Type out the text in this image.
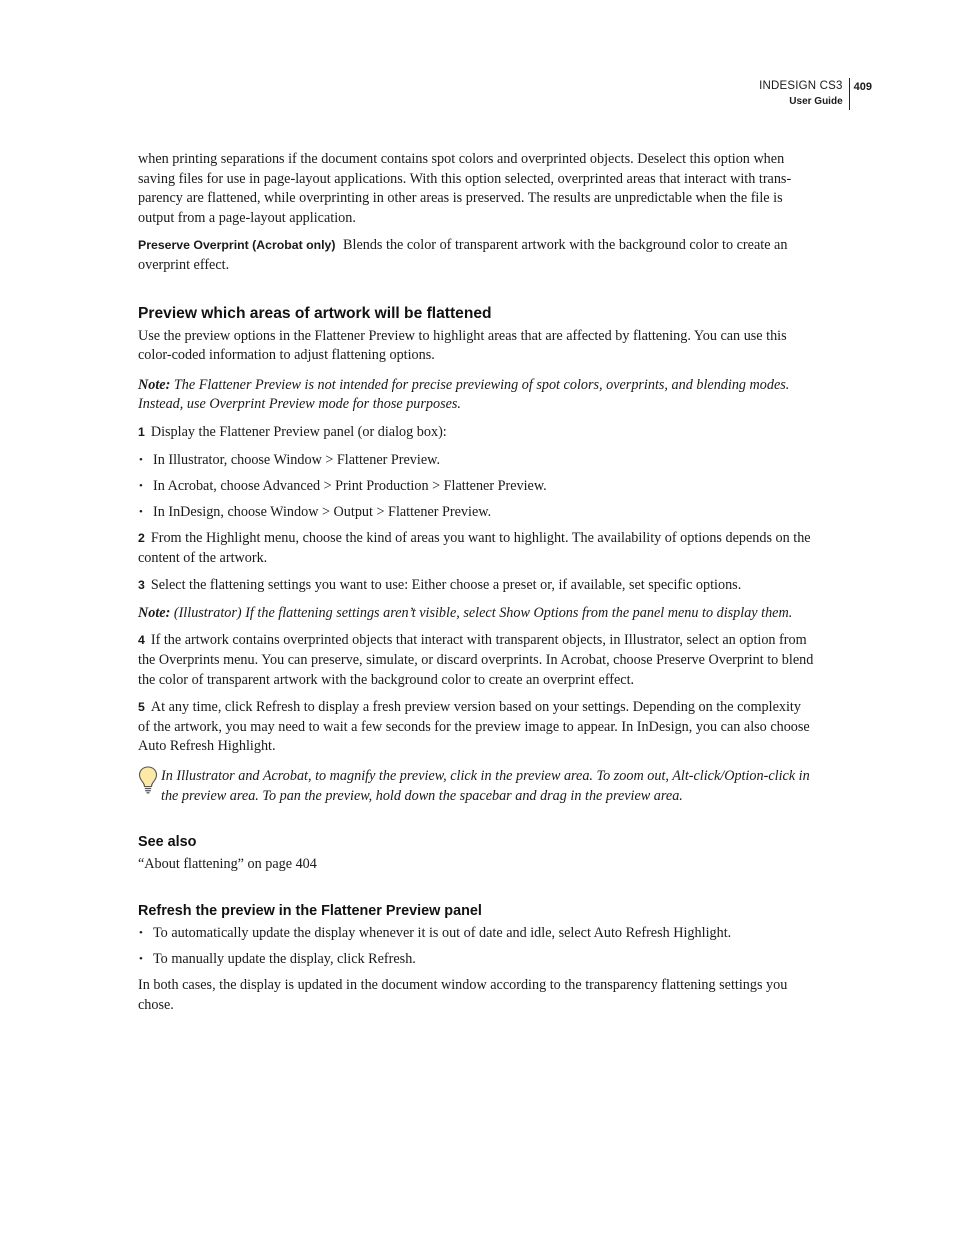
INDESIGN CS3
User Guide
409

when printing separations if the document contains spot colors and overprinted objects. Deselect this option when saving files for use in page-layout applications. With this option selected, overprinted areas that interact with transparency are flattened, while overprinting in other areas is preserved. The results are unpredictable when the file is output from a page-layout application.

Preserve Overprint (Acrobat only) Blends the color of transparent artwork with the background color to create an overprint effect.

Preview which areas of artwork will be flattened

Use the preview options in the Flattener Preview to highlight areas that are affected by flattening. You can use this color-coded information to adjust flattening options.

Note: The Flattener Preview is not intended for precise previewing of spot colors, overprints, and blending modes. Instead, use Overprint Preview mode for those purposes.

1 Display the Flattener Preview panel (or dialog box):

• In Illustrator, choose Window > Flattener Preview.
• In Acrobat, choose Advanced > Print Production > Flattener Preview.
• In InDesign, choose Window > Output > Flattener Preview.

2 From the Highlight menu, choose the kind of areas you want to highlight. The availability of options depends on the content of the artwork.

3 Select the flattening settings you want to use: Either choose a preset or, if available, set specific options.

Note: (Illustrator) If the flattening settings aren’t visible, select Show Options from the panel menu to display them.

4 If the artwork contains overprinted objects that interact with transparent objects, in Illustrator, select an option from the Overprints menu. You can preserve, simulate, or discard overprints. In Acrobat, choose Preserve Overprint to blend the color of transparent artwork with the background color to create an overprint effect.

5 At any time, click Refresh to display a fresh preview version based on your settings. Depending on the complexity of the artwork, you may need to wait a few seconds for the preview image to appear. In InDesign, you can also choose Auto Refresh Highlight.

In Illustrator and Acrobat, to magnify the preview, click in the preview area. To zoom out, Alt-click/Option-click in the preview area. To pan the preview, hold down the spacebar and drag in the preview area.
See also

“About flattening” on page 404

Refresh the preview in the Flattener Preview panel
• To automatically update the display whenever it is out of date and idle, select Auto Refresh Highlight.
• To manually update the display, click Refresh.

In both cases, the display is updated in the document window according to the transparency flattening settings you chose.
